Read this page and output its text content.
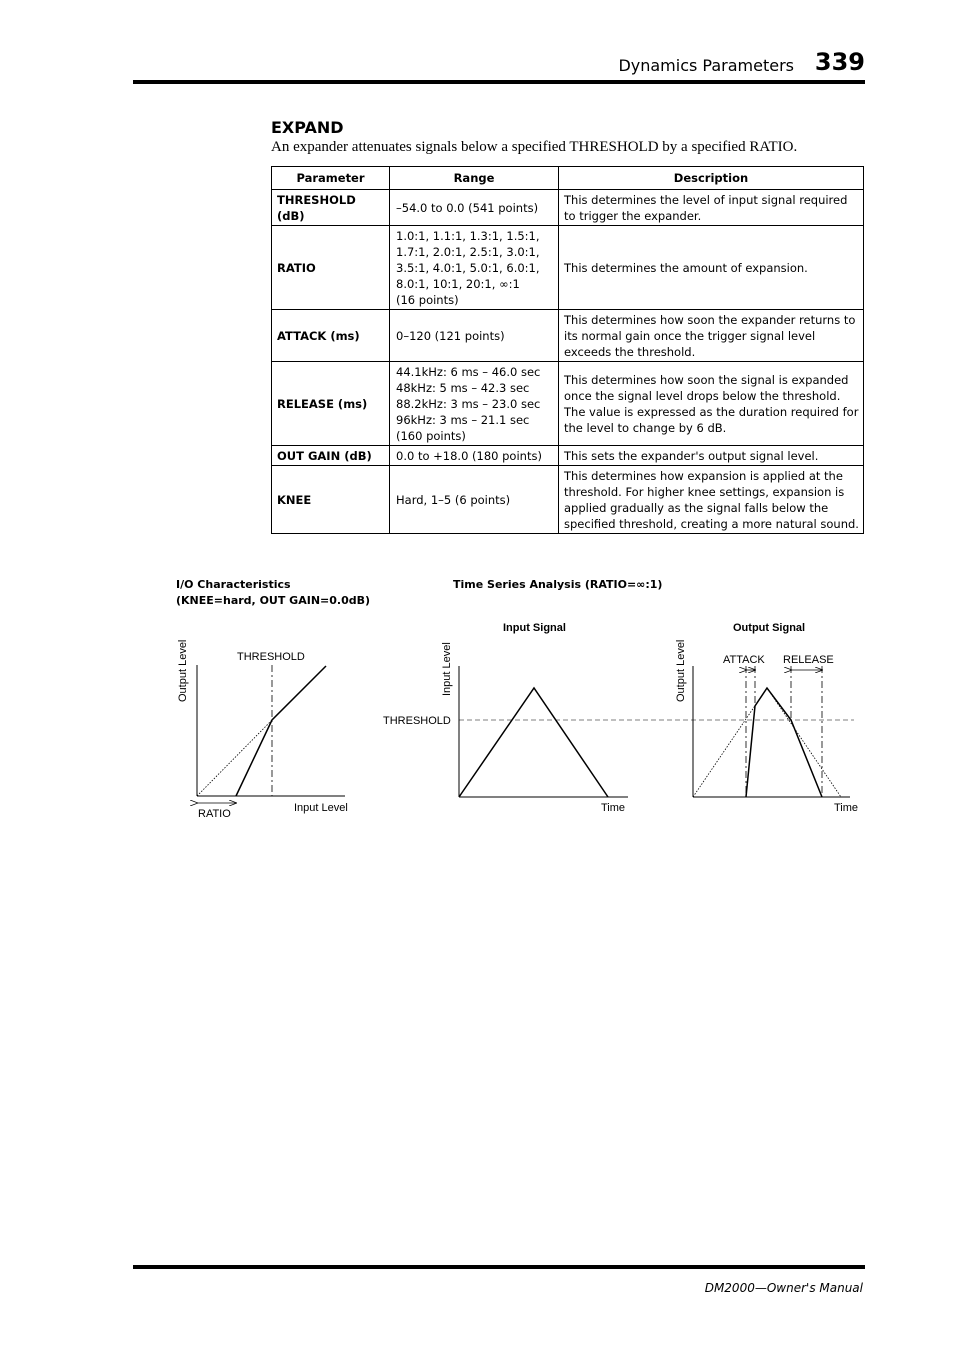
Dynamics Parameters 339
EXPAND
An expander attenuates signals below a specified THRESHOLD by a specified RATIO.
Parameter	Range	Description
THRESHOLD (dB)	–54.0 to 0.0 (541 points)	This determines the level of input signal required to trigger the expander.
RATIO	1.0:1, 1.1:1, 1.3:1, 1.5:1,
1.7:1, 2.0:1, 2.5:1, 3.0:1,
3.5:1, 4.0:1, 5.0:1, 6.0:1,
8.0:1, 10:1, 20:1, ∞:1
(16 points)	This determines the amount of expansion.
ATTACK (ms)	0–120 (121 points)	This determines how soon the expander returns to its normal gain once the trigger signal level exceeds the threshold.
RELEASE (ms)	44.1kHz: 6 ms – 46.0 sec
48kHz: 5 ms – 42.3 sec
88.2kHz: 3 ms – 23.0 sec
96kHz: 3 ms – 21.1 sec
(160 points)	This determines how soon the signal is expanded once the signal level drops below the threshold. The value is expressed as the duration required for the level to change by 6 dB.
OUT GAIN (dB)	0.0 to +18.0 (180 points)	This sets the expander's output signal level.
KNEE	Hard, 1–5 (6 points)	This determines how expansion is applied at the threshold. For higher knee settings, expansion is applied gradually as the signal falls below the specified threshold, creating a more natural sound.
I/O Characteristics
(KNEE=hard, OUT GAIN=0.0dB)
Time Series Analysis (RATIO=∞:1)
Output Level	THRESHOLD
Input Level
RATIO
Input Signal
Input Level
THRESHOLD
Time
Output Signal
Output Level	ATTACK RELEASE
Time
DM2000—Owner's Manual
